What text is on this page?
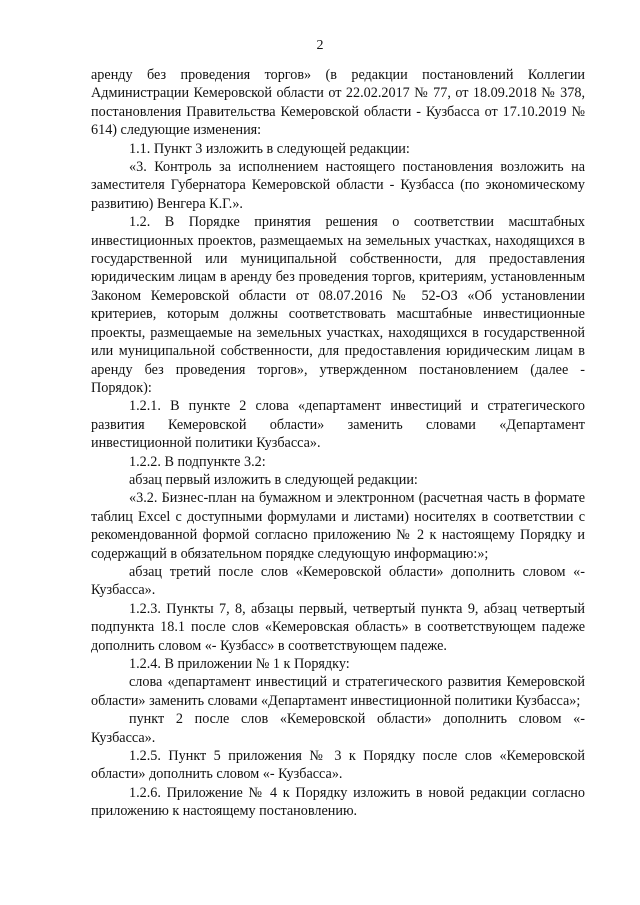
2

аренду без проведения торгов» (в редакции постановлений Коллегии Администрации Кемеровской области от 22.02.2017 № 77, от 18.09.2018 № 378, постановления Правительства Кемеровской области - Кузбасса от 17.10.2019 № 614) следующие изменения:

1.1. Пункт 3 изложить в следующей редакции:

«3. Контроль за исполнением настоящего постановления возложить на заместителя Губернатора Кемеровской области - Кузбасса (по экономическому развитию) Венгера К.Г.».

1.2. В Порядке принятия решения о соответствии масштабных инвестиционных проектов, размещаемых на земельных участках, находящихся в государственной или муниципальной собственности, для предоставления юридическим лицам в аренду без проведения торгов, критериям, установленным Законом Кемеровской области от 08.07.2016 № 52-ОЗ «Об установлении критериев, которым должны соответствовать масштабные инвестиционные проекты, размещаемые на земельных участках, находящихся в государственной или муниципальной собственности, для предоставления юридическим лицам в аренду без проведения торгов», утвержденном постановлением (далее - Порядок):

1.2.1. В пункте 2 слова «департамент инвестиций и стратегического развития Кемеровской области» заменить словами «Департамент инвестиционной политики Кузбасса».

1.2.2. В подпункте 3.2:

абзац первый изложить в следующей редакции:

«3.2. Бизнес-план на бумажном и электронном (расчетная часть в формате таблиц Excel с доступными формулами и листами) носителях в соответствии с рекомендованной формой согласно приложению № 2 к настоящему Порядку и содержащий в обязательном порядке следующую информацию:»;

абзац третий после слов «Кемеровской области» дополнить словом «- Кузбасса».

1.2.3. Пункты 7, 8, абзацы первый, четвертый пункта 9, абзац четвертый подпункта 18.1 после слов «Кемеровская область» в соответствующем падеже дополнить словом «- Кузбасс» в соответствующем падеже.

1.2.4. В приложении № 1 к Порядку:

слова «департамент инвестиций и стратегического развития Кемеровской области» заменить словами «Департамент инвестиционной политики Кузбасса»;

пункт 2 после слов «Кемеровской области» дополнить словом «- Кузбасса».

1.2.5. Пункт 5 приложения № 3 к Порядку после слов «Кемеровской области» дополнить словом «- Кузбасса».

1.2.6. Приложение № 4 к Порядку изложить в новой редакции согласно приложению к настоящему постановлению.
